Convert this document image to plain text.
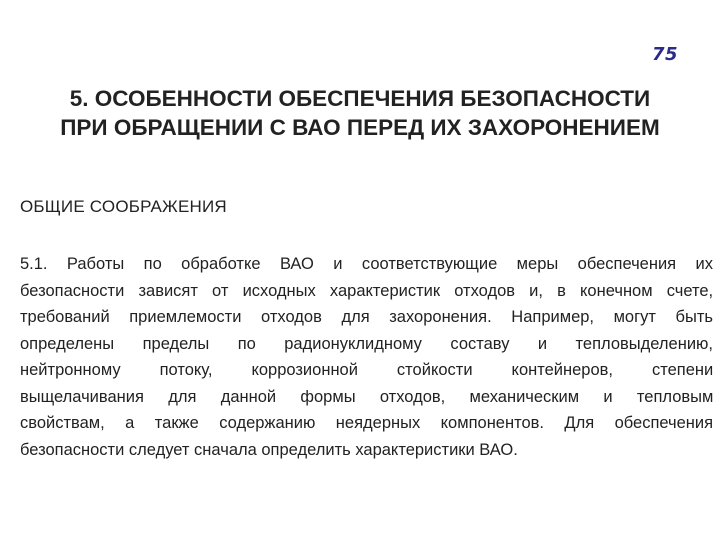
75
5. ОСОБЕННОСТИ ОБЕСПЕЧЕНИЯ БЕЗОПАСНОСТИ
ПРИ ОБРАЩЕНИИ С ВАО ПЕРЕД ИХ ЗАХОРОНЕНИЕМ
ОБЩИЕ СООБРАЖЕНИЯ
5.1. Работы по обработке ВАО и соответствующие меры обеспечения их
безопасности зависят от исходных характеристик отходов и, в конечном счете,
требований приемлемости отходов для захоронения. Например, могут быть
определены пределы по радионуклидному составу и тепловыделению,
нейтронному потоку, коррозионной стойкости контейнеров, степени
выщелачивания для данной формы отходов, механическим и тепловым
свойствам, а также содержанию неядерных компонентов. Для обеспечения
безопасности следует сначала определить характеристики ВАО.
